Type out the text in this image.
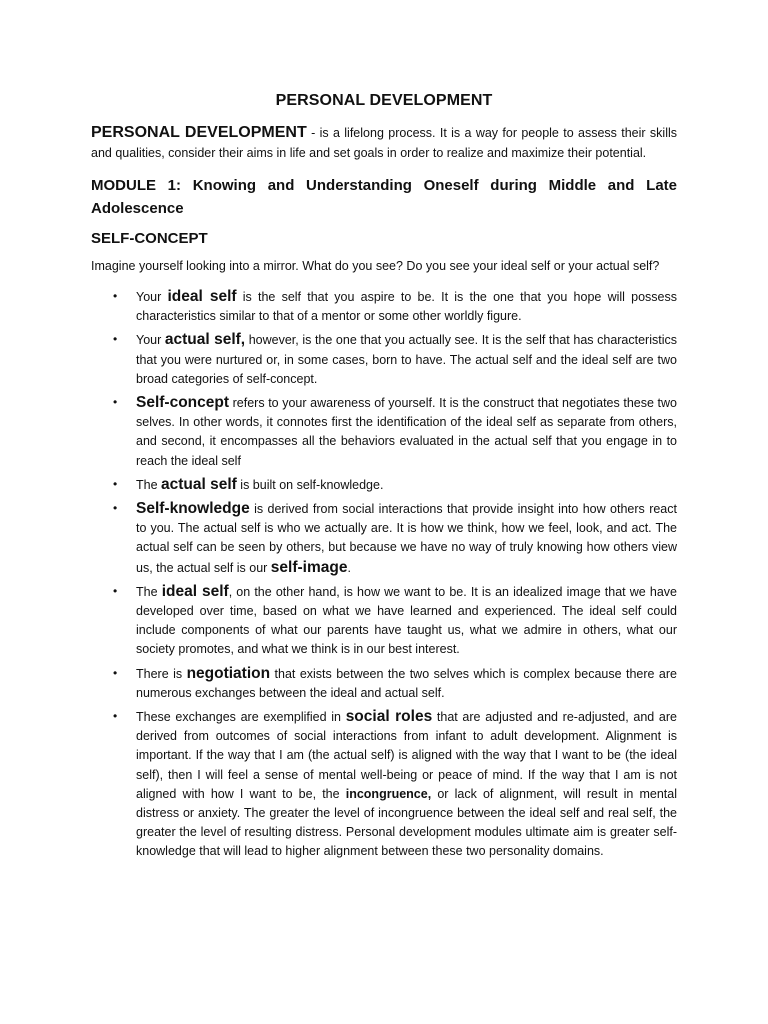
PERSONAL DEVELOPMENT

PERSONAL DEVELOPMENT - is a lifelong process. It is a way for people to assess their skills and qualities, consider their aims in life and set goals in order to realize and maximize their potential.

MODULE 1: Knowing and Understanding Oneself during Middle and Late Adolescence

SELF-CONCEPT

Imagine yourself looking into a mirror. What do you see? Do you see your ideal self or your actual self?

• Your ideal self is the self that you aspire to be. It is the one that you hope will possess characteristics similar to that of a mentor or some other worldly figure.
• Your actual self, however, is the one that you actually see. It is the self that has characteristics that you were nurtured or, in some cases, born to have. The actual self and the ideal self are two broad categories of self-concept.
• Self-concept refers to your awareness of yourself. It is the construct that negotiates these two selves. In other words, it connotes first the identification of the ideal self as separate from others, and second, it encompasses all the behaviors evaluated in the actual self that you engage in to reach the ideal self
• The actual self is built on self-knowledge.
• Self-knowledge is derived from social interactions that provide insight into how others react to you. The actual self is who we actually are. It is how we think, how we feel, look, and act. The actual self can be seen by others, but because we have no way of truly knowing how others view us, the actual self is our self-image.
• The ideal self, on the other hand, is how we want to be. It is an idealized image that we have developed over time, based on what we have learned and experienced. The ideal self could include components of what our parents have taught us, what we admire in others, what our society promotes, and what we think is in our best interest.
• There is negotiation that exists between the two selves which is complex because there are numerous exchanges between the ideal and actual self.
• These exchanges are exemplified in social roles that are adjusted and re-adjusted, and are derived from outcomes of social interactions from infant to adult development. Alignment is important. If the way that I am (the actual self) is aligned with the way that I want to be (the ideal self), then I will feel a sense of mental well-being or peace of mind. If the way that I am is not aligned with how I want to be, the incongruence, or lack of alignment, will result in mental distress or anxiety. The greater the level of incongruence between the ideal self and real self, the greater the level of resulting distress. Personal development modules ultimate aim is greater self-knowledge that will lead to higher alignment between these two personality domains.
